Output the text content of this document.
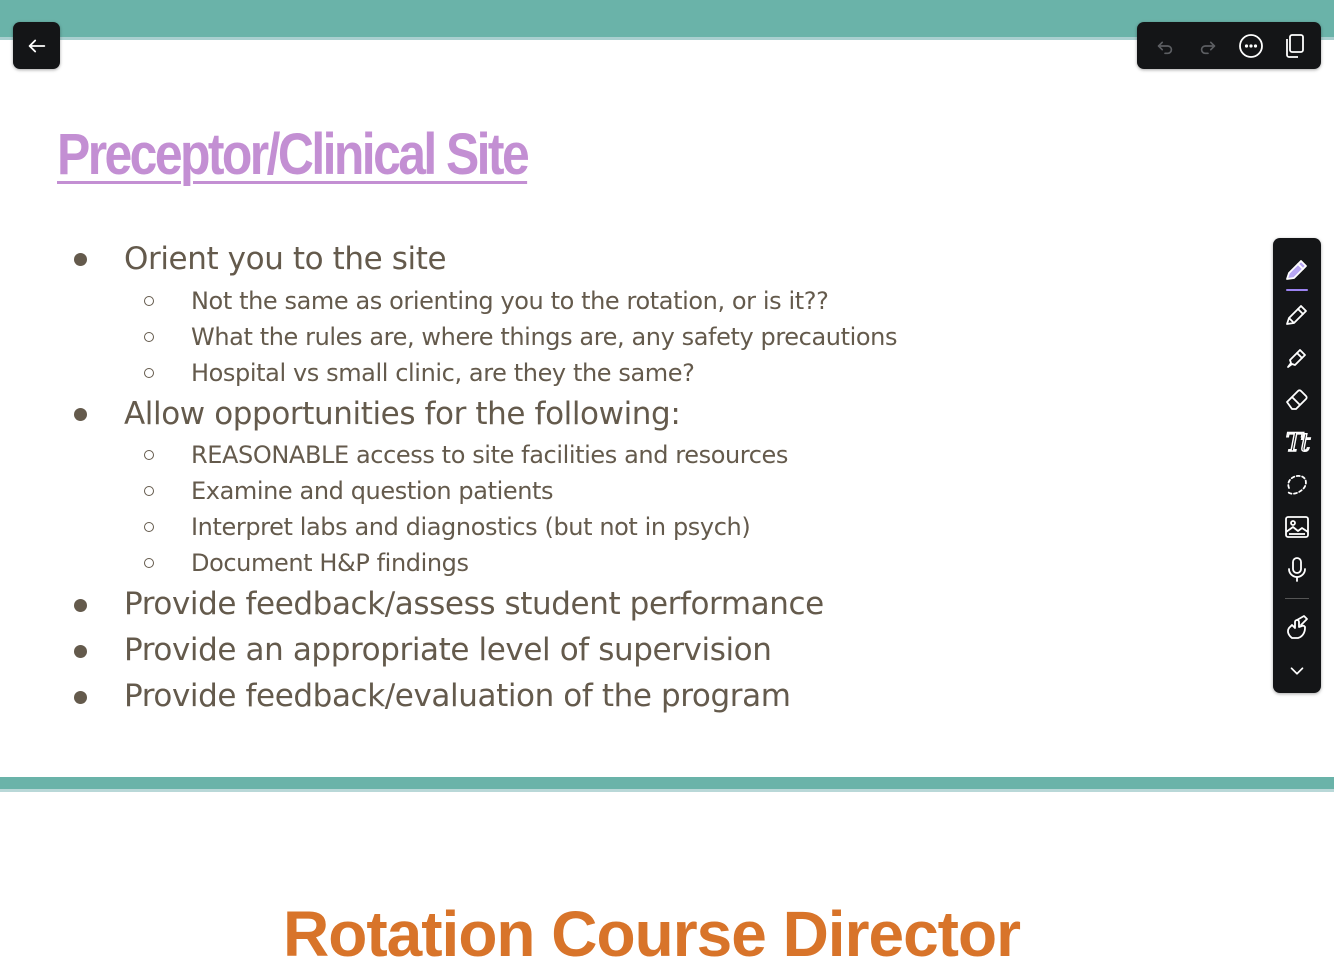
Preceptor/Clinical Site
Orient you to the site
Not the same as orienting you to the rotation, or is it??
What the rules are, where things are, any safety precautions
Hospital vs small clinic, are they the same?
Allow opportunities for the following:
REASONABLE access to site facilities and resources
Examine and question patients
Interpret labs and diagnostics (but not in psych)
Document H&P findings
Provide feedback/assess student performance
Provide an appropriate level of supervision
Provide feedback/evaluation of the program
Tt
Rotation Course Director
